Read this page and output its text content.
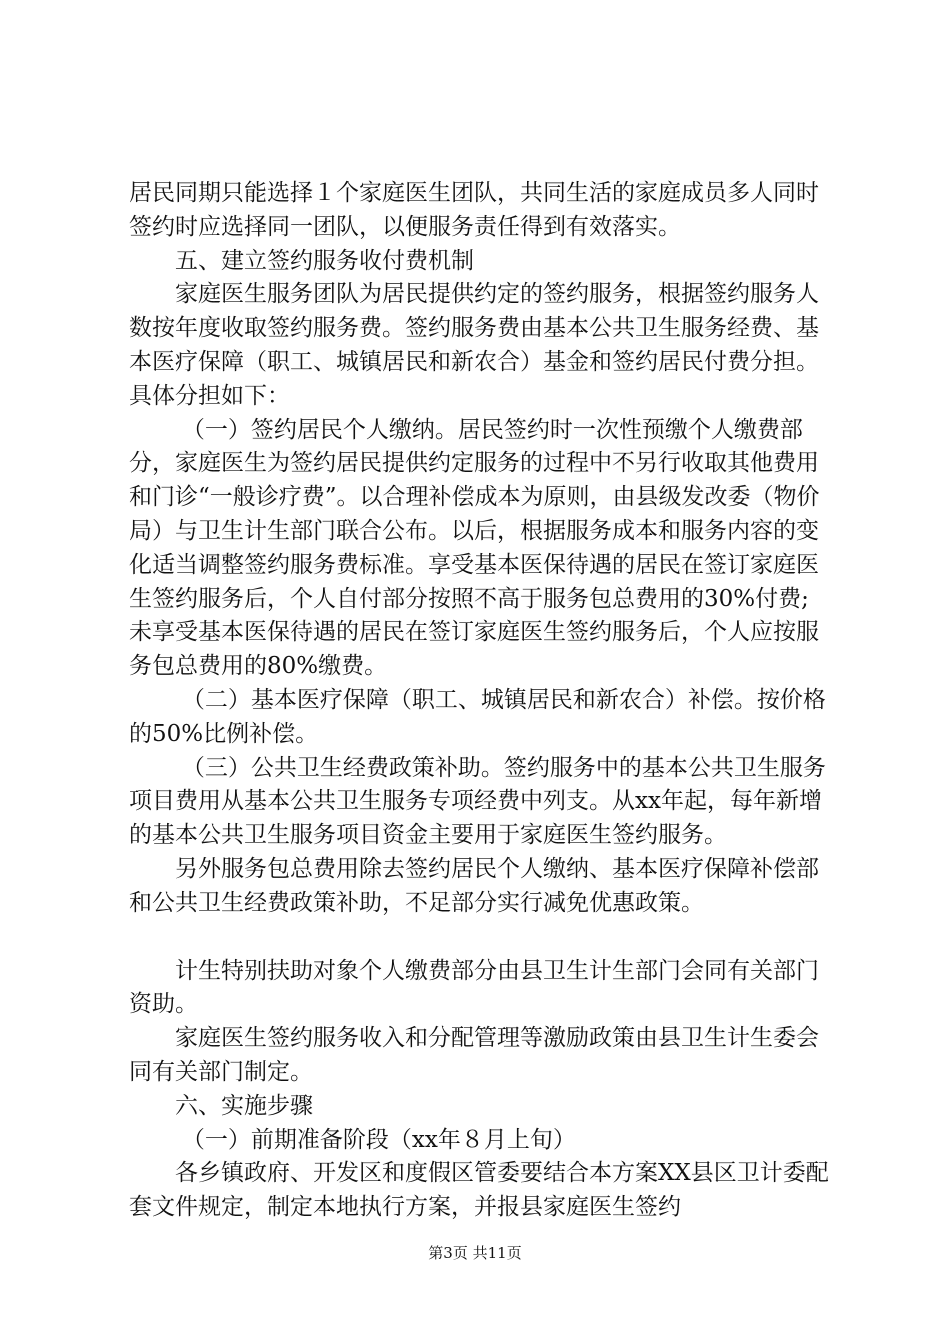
居民同期只能选择１个家庭医生团队，共同生活的家庭成员多人同时签约时应选择同一团队，以便服务责任得到有效落实。

五、建立签约服务收付费机制

家庭医生服务团队为居民提供约定的签约服务，根据签约服务人数按年度收取签约服务费。签约服务费由基本公共卫生服务经费、基本医疗保障（职工、城镇居民和新农合）基金和签约居民付费分担。具体分担如下：

（一）签约居民个人缴纳。居民签约时一次性预缴个人缴费部分，家庭医生为签约居民提供约定服务的过程中不另行收取其他费用和门诊“一般诊疗费”。以合理补偿成本为原则，由县级发改委（物价局）与卫生计生部门联合公布。以后，根据服务成本和服务内容的变化适当调整签约服务费标准。享受基本医保待遇的居民在签订家庭医生签约服务后，个人自付部分按照不高于服务包总费用的30%付费;未享受基本医保待遇的居民在签订家庭医生签约服务后，个人应按服务包总费用的80%缴费。

（二）基本医疗保障（职工、城镇居民和新农合）补偿。按价格的50%比例补偿。

（三）公共卫生经费政策补助。签约服务中的基本公共卫生服务项目费用从基本公共卫生服务专项经费中列支。从xx年起，每年新增的基本公共卫生服务项目资金主要用于家庭医生签约服务。

另外服务包总费用除去签约居民个人缴纳、基本医疗保障补偿部和公共卫生经费政策补助，不足部分实行减免优惠政策。

计生特别扶助对象个人缴费部分由县卫生计生部门会同有关部门资助。

家庭医生签约服务收入和分配管理等激励政策由县卫生计生委会同有关部门制定。

六、实施步骤

（一）前期准备阶段（xx年８月上旬）

各乡镇政府、开发区和度假区管委要结合本方案XX县区卫计委配套文件规定，制定本地执行方案，并报县家庭医生签约

第3页 共11页
